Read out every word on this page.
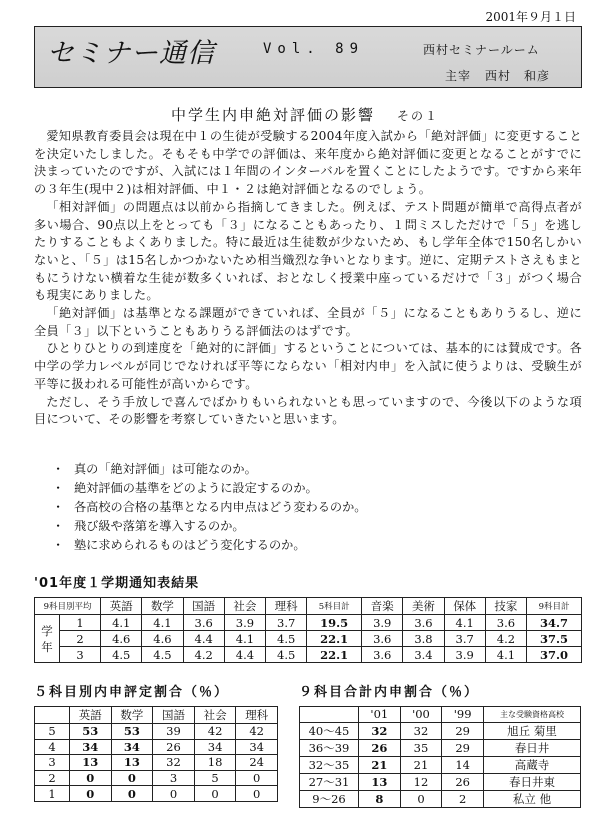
2001年９月１日
セミナー通信	Vol. 89	西村セミナールーム
主宰 西村　和彦
中学生内申絶対評価の影響 その１

愛知県教育委員会は現在中１の生徒が受験する2004年度入試から「絶対評価」に変更することを決定いたしました。そもそも中学での評価は、来年度から絶対評価に変更となることがすでに決まっていたのですが、入試には１年間のインターバルを置くことにしたようです。ですから来年の３年生(現中２)は相対評価、中１・２は絶対評価となるのでしょう。

「相対評価」の問題点は以前から指摘してきました。例えば、テスト問題が簡単で高得点者が多い場合、90点以上をとっても「３」になることもあったり、１問ミスしただけで「５」を逃したりすることもよくありました。特に最近は生徒数が少ないため、もし学年全体で150名しかいないと、「５」は15名しかつかないため相当熾烈な争いとなります。逆に、定期テストさえもまともにうけない横着な生徒が数多くいれば、おとなしく授業中座っているだけで「３」がつく場合も現実にありました。

「絶対評価」は基準となる課題ができていれば、全員が「５」になることもありうるし、逆に全員「３」以下ということもありうる評価法のはずです。

ひとりひとりの到達度を「絶対的に評価」するということについては、基本的には賛成です。各中学の学力レベルが同じでなければ平等にならない「相対内申」を入試に使うよりは、受験生が平等に扱われる可能性が高いからです。

ただし、そう手放しで喜んでばかりもいられないとも思っていますので、今後以下のような項目について、その影響を考察していきたいと思います。

・ 真の「絶対評価」は可能なのか。
・ 絶対評価の基準をどのように設定するのか。
・ 各高校の合格の基準となる内申点はどう変わるのか。
・ 飛び級や落第を導入するのか。
・ 塾に求められるものはどう変化するのか。
'01年度１学期通知表結果
9科目別平均		英語	数学	国語	社会	理科	5科目計	音楽	美術	保体	技家	9科目計
学
年	1	4.1	4.1	3.6	3.9	3.7	19.5	3.9	3.6	4.1	3.6	34.7
	2	4.6	4.6	4.4	4.1	4.5	22.1	3.6	3.8	3.7	4.2	37.5
	3	4.5	4.5	4.2	4.4	4.5	22.1	3.6	3.4	3.9	4.1	37.0
５科目別内申評定割合（％）	９科目合計内申割合（％）
	英語	数学	国語	社会	理科
5	53	53	39	42	42
4	34	34	26	34	34
3	13	13	32	18	24
2	0	0	3	5	0
1	0	0	0	0	0
	'01	'00	'99	主な受験資格高校
40～45	32	32	29	旭丘 菊里
36～39	26	35	29	春日井
32～35	21	21	14	高蔵寺
27～31	13	12	26	春日井東
9～26	8	0	2	私立 他
